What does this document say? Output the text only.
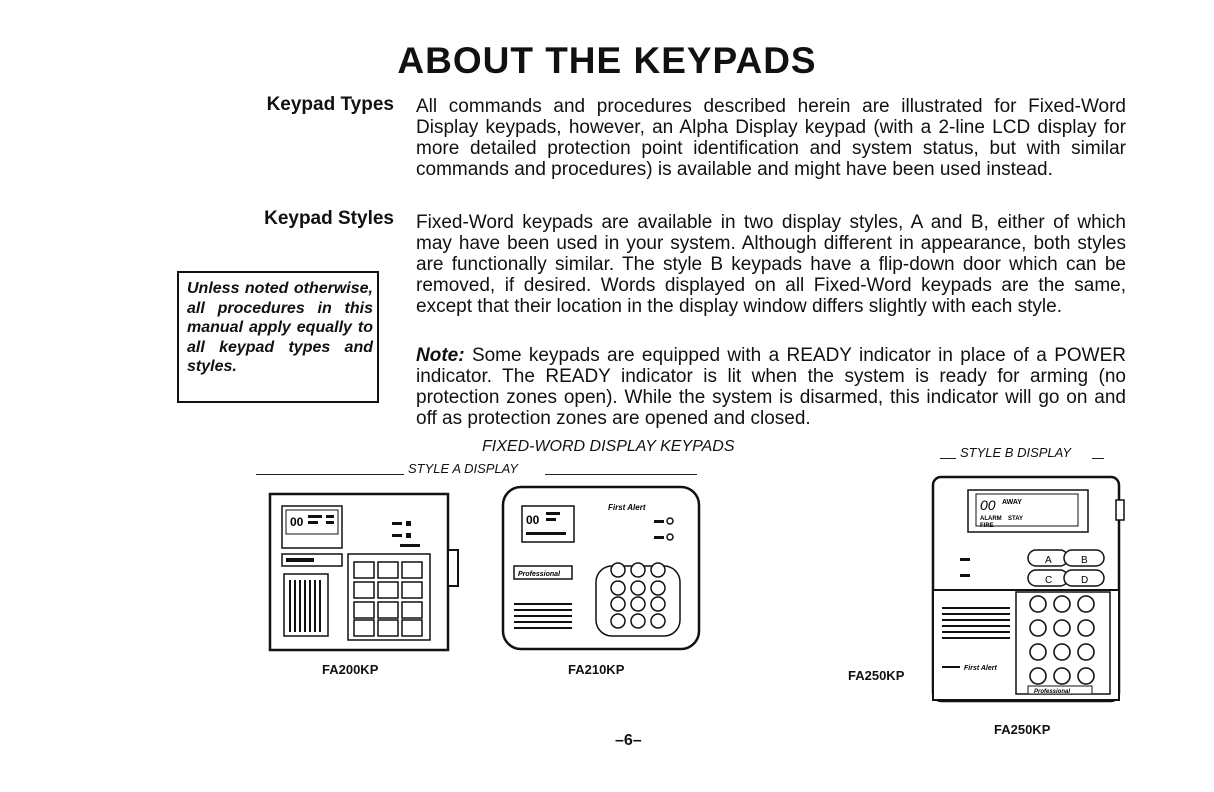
ABOUT THE KEYPADS
Keypad Types All commands and procedures described herein are illustrated for Fixed-Word Display keypads, however, an Alpha Display keypad (with a 2-line LCD display for more detailed protection point identification and system status, but with similar commands and procedures) is available and might have been used instead.
Keypad Styles Fixed-Word keypads are available in two display styles, A and B, either of which may have been used in your system. Although different in appearance, both styles are functionally similar. The style B keypads have a flip-down door which can be removed, if desired. Words displayed on all Fixed-Word keypads are the same, except that their location in the display window differs slightly with each style.
Note: Some keypads are equipped with a READY indicator in place of a POWER indicator. The READY indicator is lit when the system is ready for arming (no protection zones open). While the system is disarmed, this indicator will go on and off as protection zones are opened and closed.
Unless noted otherwise, all procedures in this manual apply equally to all keypad types and styles.
FIXED-WORD DISPLAY KEYPADS
STYLE A DISPLAY
STYLE B DISPLAY
00	00
First Alert
Professional
00 AWAY
ALARM STAY
FIRE
A	B
C	D
First Alert
Professional
FA200KP	FA210KP	FA250KP
FA250KP
–6–
